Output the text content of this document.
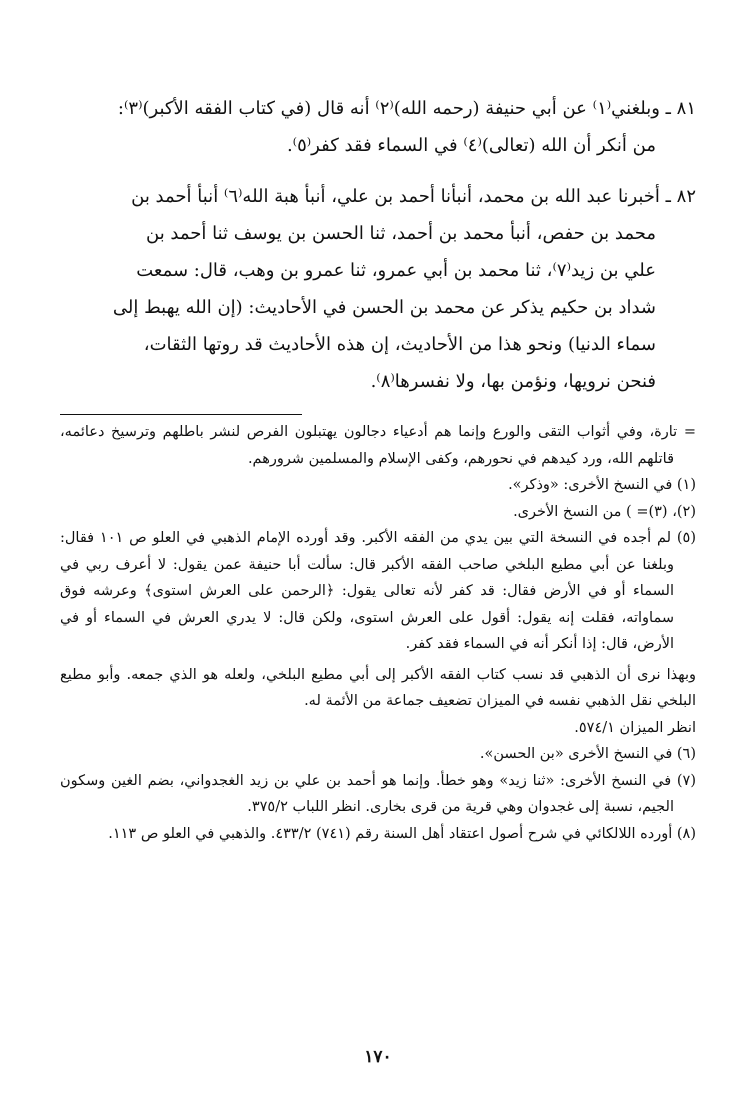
٨١ ـ وبلغني⁽١⁾ عن أبي حنيفة (رحمه الله)⁽٢⁾ أنه قال (في كتاب الفقه الأكبر)⁽٣⁾:
من أنكر أن الله (تعالى)⁽٤⁾ في السماء فقد كفر⁽٥⁾.

٨٢ ـ أخبرنا عبد الله بن محمد، أنبأنا أحمد بن علي، أنبأ هبة الله⁽٦⁾ أنبأ أحمد بن
محمد بن حفص، أنبأ محمد بن أحمد، ثنا الحسن بن يوسف ثنا أحمد بن
علي بن زيد⁽٧⁾، ثنا محمد بن أبي عمرو، ثنا عمرو بن وهب، قال: سمعت
شداد بن حكيم يذكر عن محمد بن الحسن في الأحاديث: (إن الله يهبط إلى
سماء الدنيا) ونحو هذا من الأحاديث، إن هذه الأحاديث قد روتها الثقات،
فنحن نرويها، ونؤمن بها، ولا نفسرها⁽٨⁾.

= تارة، وفي أثواب التقى والورع وإنما هم أدعياء دجالون يهتبلون الفرص لنشر باطلهم وترسيخ دعائمه، قاتلهم الله، ورد كيدهم في نحورهم، وكفى الإسلام والمسلمين شرورهم.

(١) في النسخ الأخرى: «وذكر».

(٢)، (٣)= ) من النسخ الأخرى.

(٥) لم أجده في النسخة التي بين يدي من الفقه الأكبر. وقد أورده الإمام الذهبي في العلو ص ١٠١ فقال: وبلغنا عن أبي مطيع البلخي صاحب الفقه الأكبر قال: سألت أبا حنيفة عمن يقول: لا أعرف ربي في السماء أو في الأرض فقال: قد كفر لأنه تعالى يقول: ﴿الرحمن على العرش استوى﴾ وعرشه فوق سماواته، فقلت إنه يقول: أقول على العرش استوى، ولكن قال: لا يدري العرش في السماء أو في الأرض، قال: إذا أنكر أنه في السماء فقد كفر.

وبهذا نرى أن الذهبي قد نسب كتاب الفقه الأكبر إلى أبي مطيع البلخي، ولعله هو الذي جمعه. وأبو مطيع البلخي نقل الذهبي نفسه في الميزان تضعيف جماعة من الأئمة له.

انظر الميزان ٥٧٤/١.

(٦) في النسخ الأخرى «بن الحسن».

(٧) في النسخ الأخرى: «ثنا زيد» وهو خطأ. وإنما هو أحمد بن علي بن زيد الغجدواني، بضم الغين وسكون الجيم، نسبة إلى غجدوان وهي قرية من قرى بخارى. انظر اللباب ٣٧٥/٢.

(٨) أورده اللالكائي في شرح أصول اعتقاد أهل السنة رقم (٧٤١) ٤٣٣/٢. والذهبي في العلو ص ١١٣.

١٧٠
